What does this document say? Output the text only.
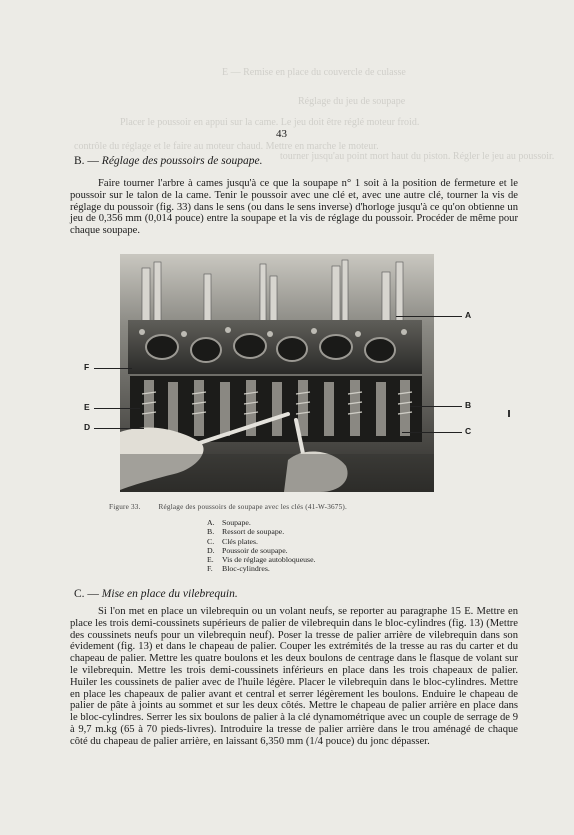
Réglage du jeu de soupape
Placer le poussoir en appui sur la came. Le jeu doit être réglé moteur froid.
contrôle du réglage et le faire au moteur chaud. Mettre en marche le moteur.
tourner jusqu'au point mort haut du piston. Régler le jeu au poussoir.
E — Remise en place du couvercle de culasse
43
B. — Réglage des poussoirs de soupape.

Faire tourner l'arbre à cames jusqu'à ce que la soupape n° 1 soit à la position de fermeture et le poussoir sur le talon de la came. Tenir le poussoir avec une clé et, avec une autre clé, tourner la vis de réglage du poussoir (fig. 33) dans le sens (ou dans le sens inverse) d'horloge jusqu'à ce qu'on obtienne un jeu de 0,356 mm (0,014 pouce) entre la soupape et la vis de réglage du poussoir. Procéder de même pour chaque soupape.

F
E
D
A
B
C
Figure 33.	Réglage des poussoirs de soupape avec les clés (41-W-3675).
A. Soupape.
B. Ressort de soupape.
C. Clés plates.
D. Poussoir de soupape.
E. Vis de réglage autobloqueuse.
F. Bloc-cylindres.
C. — Mise en place du vilebrequin.

Si l'on met en place un vilebrequin ou un volant neufs, se reporter au paragraphe 15 E. Mettre en place les trois demi-coussinets supérieurs de palier de vilebrequin dans le bloc-cylindres (fig. 13) (Mettre des coussinets neufs pour un vilebrequin neuf). Poser la tresse de palier arrière de vilebrequin dans son évidement (fig. 13) et dans le chapeau de palier. Couper les extrémités de la tresse au ras du carter et du chapeau de palier. Mettre les quatre boulons et les deux boulons de centrage dans le flasque de volant sur le vilebrequin. Mettre les trois demi-coussinets inférieurs en place dans les trois chapeaux de palier. Huiler les coussinets de palier avec de l'huile légère. Placer le vilebrequin dans le bloc-cylindres. Mettre en place les chapeaux de palier avant et central et serrer légèrement les boulons. Enduire le chapeau de palier de pâte à joints au sommet et sur les deux côtés. Mettre le chapeau de palier arrière en place dans le bloc-cylindres. Serrer les six boulons de palier à la clé dynamométrique avec un couple de serrage de 9 à 9,7 m.kg (65 à 70 pieds-livres). Introduire la tresse de palier arrière dans le trou aménagé de chaque côté du chapeau de palier arrière, en laissant 6,350 mm (1/4 pouce) du jonc dépasser.
